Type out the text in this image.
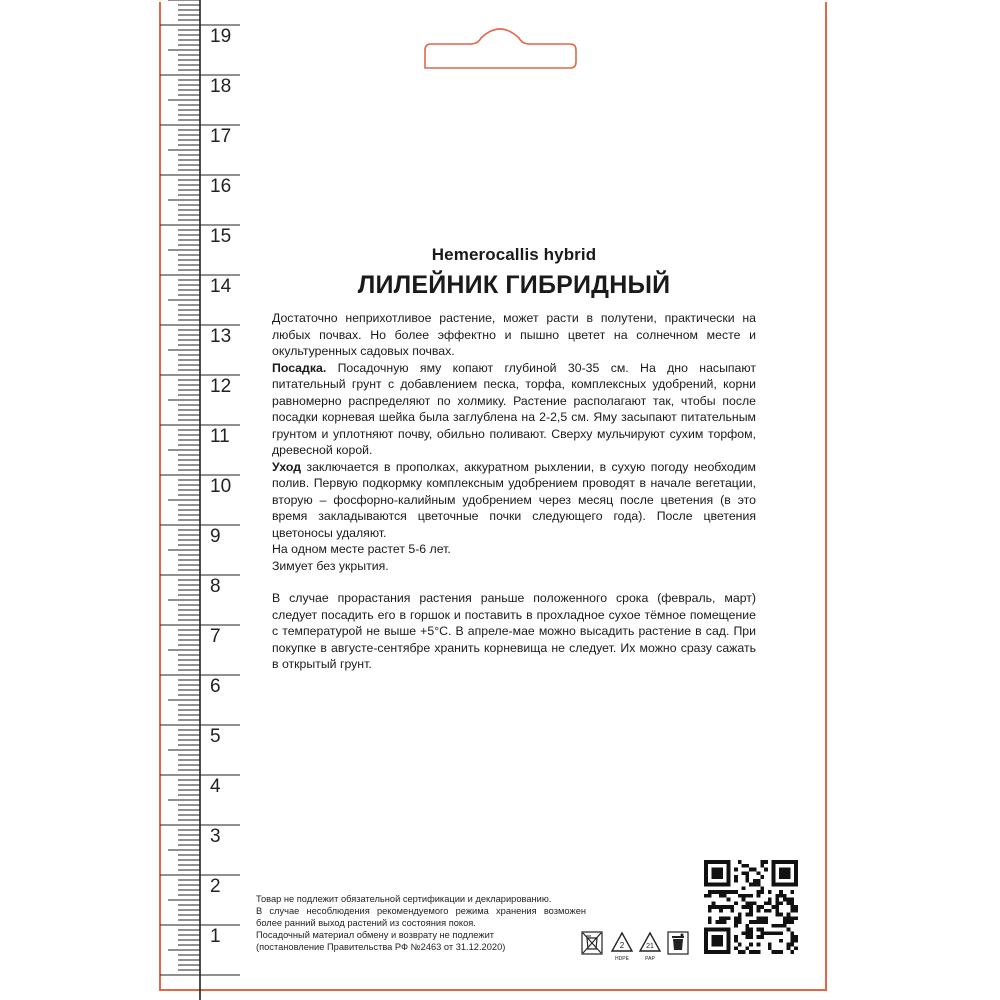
19
18
17
16
15
14
13
12
11
10
9
8
7
6
5
4
3
2
1
Hemerocallis hybrid
ЛИЛЕЙНИК ГИБРИДНЫЙ

Достаточно неприхотливое растение, может расти в полутени, практически на любых почвах. Но более эффектно и пышно цветет на солнечном месте и окультуренных садовых почвах.

Посадка. Посадочную яму копают глубиной 30-35 см. На дно насыпают питательный грунт с добавлением песка, торфа, комплексных удобрений, корни равномерно распределяют по холмику. Растение располагают так, чтобы после посадки корневая шейка была заглублена на 2-2,5 см. Яму засыпают питательным грунтом и уплотняют почву, обильно поливают. Сверху мульчируют сухим торфом, древесной корой.

Уход заключается в прополках, аккуратном рыхлении, в сухую погоду необходим полив. Первую подкормку комплексным удобрением проводят в начале вегетации, вторую – фосфорно-калийным удобрением через месяц после цветения (в это время закладываются цветочные почки следующего года). После цветения цветоносы удаляют.

На одном месте растет 5-6 лет.

Зимует без укрытия.

В случае прорастания растения раньше положенного срока (февраль, март) следует посадить его в горшок и поставить в прохладное сухое тёмное помещение с температурой не выше +5°С. В апреле-мае можно высадить растение в сад. При покупке в августе-сентябре хранить корневища не следует. Их можно сразу сажать в открытый грунт.

Товар не подлежит обязательной сертификации и декларированию.
В случае несоблюдения рекомендуемого режима хранения возможен более ранний выход растений из состояния покоя.
Посадочный материал обмену и возврату не подлежит
(постановление Правительства РФ №2463 от 31.12.2020)	2
HDPE
21
PAP
